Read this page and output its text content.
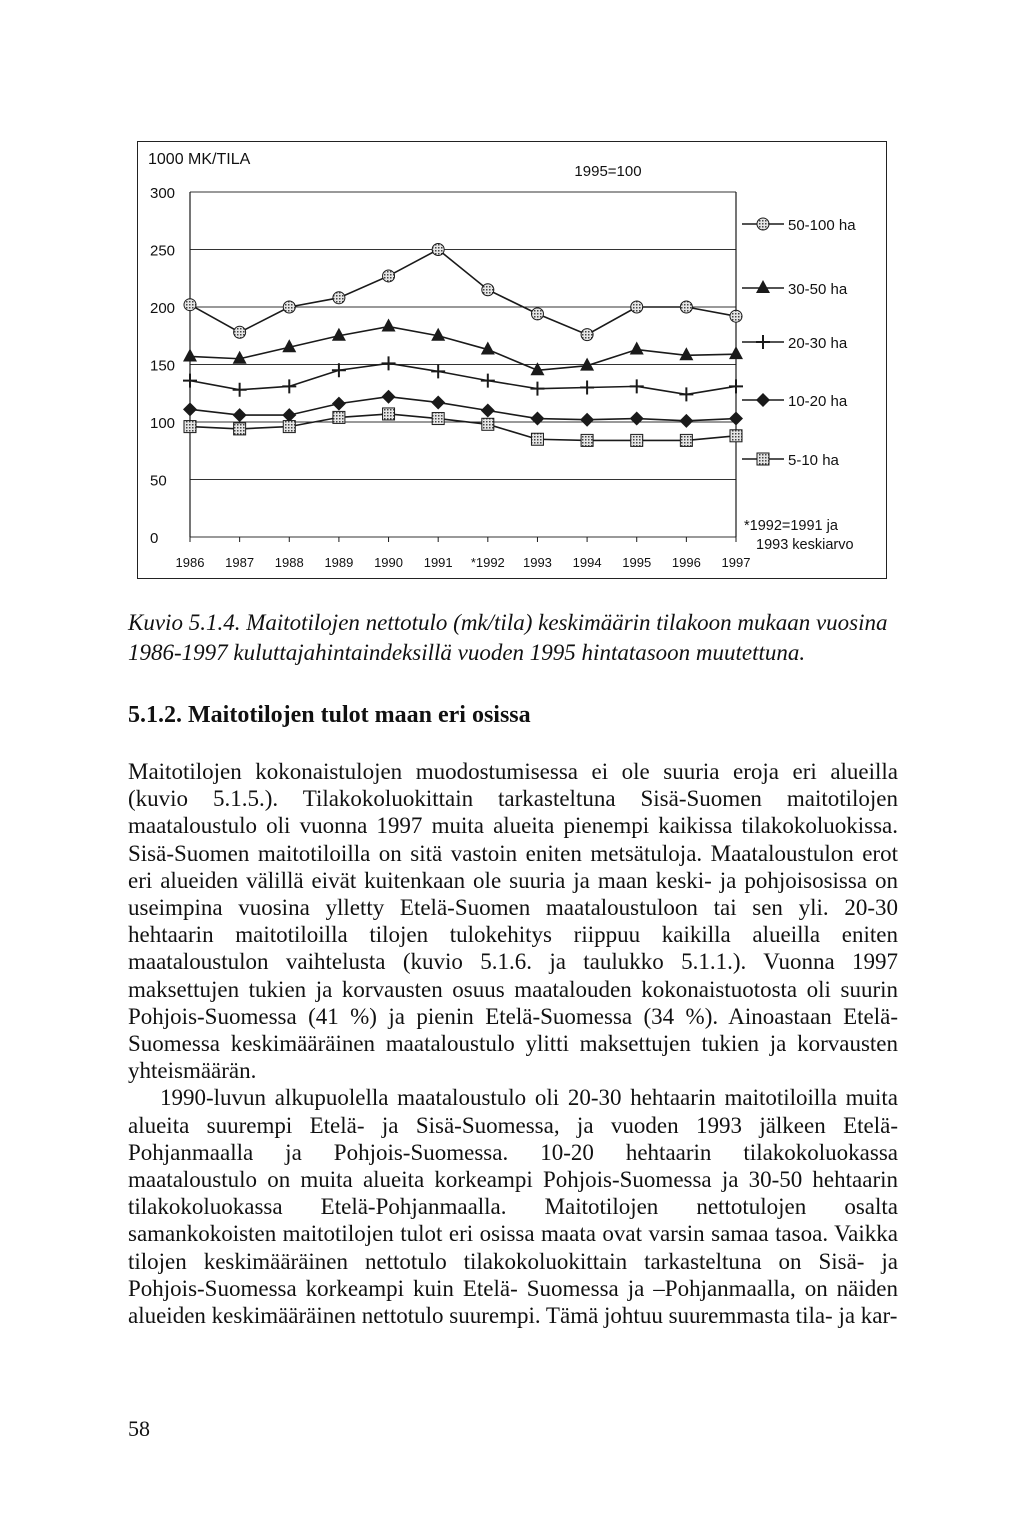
0
50
100
150
200
250
300
1986 1987 1988 1989 1990 1991 *1992 1993 1994 1995 1996 1997
1000 MK/TILA
1995=100
50-100 ha
30-50 ha
20-30 ha
10-20 ha
5-10 ha
*1992=1991 ja
1993 keskiarvo
Kuvio 5.1.4. Maitotilojen nettotulo (mk/tila) keskimäärin tilakoon mukaan vuosina 1986-1997 kuluttajahintaindeksillä vuoden 1995 hintatasoon muutettuna.
5.1.2. Maitotilojen tulot maan eri osissa

Maitotilojen kokonaistulojen muodostumisessa ei ole suuria eroja eri alueilla (kuvio 5.1.5.). Tilakokoluokittain tarkasteltuna Sisä-Suomen maitotilojen maataloustulo oli vuonna 1997 muita alueita pienempi kaikissa tilakokoluokissa. Sisä-Suomen maitotiloilla on sitä vastoin eniten metsätuloja. Maataloustulon erot eri alueiden välillä eivät kuitenkaan ole suuria ja maan keski- ja pohjoisosissa on useimpina vuosina ylletty Etelä-Suomen maataloustuloon tai sen yli. 20-30 hehtaarin maitotiloilla tilojen tulokehitys riippuu kaikilla alueilla eniten maataloustulon vaihtelusta (kuvio 5.1.6. ja taulukko 5.1.1.). Vuonna 1997 maksettujen tukien ja korvausten osuus maatalouden kokonaistuotosta oli suurin Pohjois-Suomessa (41 %) ja pienin Etelä-Suomessa (34 %). Ainoastaan Etelä-Suomessa keskimääräinen maataloustulo ylitti maksettujen tukien ja korvausten yhteismäärän.

1990-luvun alkupuolella maataloustulo oli 20-30 hehtaarin maitotiloilla muita alueita suurempi Etelä- ja Sisä-Suomessa, ja vuoden 1993 jälkeen Etelä-Pohjanmaalla ja Pohjois-Suomessa. 10-20 hehtaarin tilakokoluokassa maataloustulo on muita alueita korkeampi Pohjois-Suomessa ja 30-50 hehtaarin tilakokoluokassa Etelä-Pohjanmaalla. Maitotilojen nettotulojen osalta samankokoisten maitotilojen tulot eri osissa maata ovat varsin samaa tasoa. Vaikka tilojen keskimääräinen nettotulo tilakokoluokittain tarkasteltuna on Sisä- ja Pohjois-Suomessa korkeampi kuin Etelä- Suomessa ja –Pohjanmaalla, on näiden alueiden keskimääräinen nettotulo suurempi. Tämä johtuu suuremmasta tila- ja kar-

58
